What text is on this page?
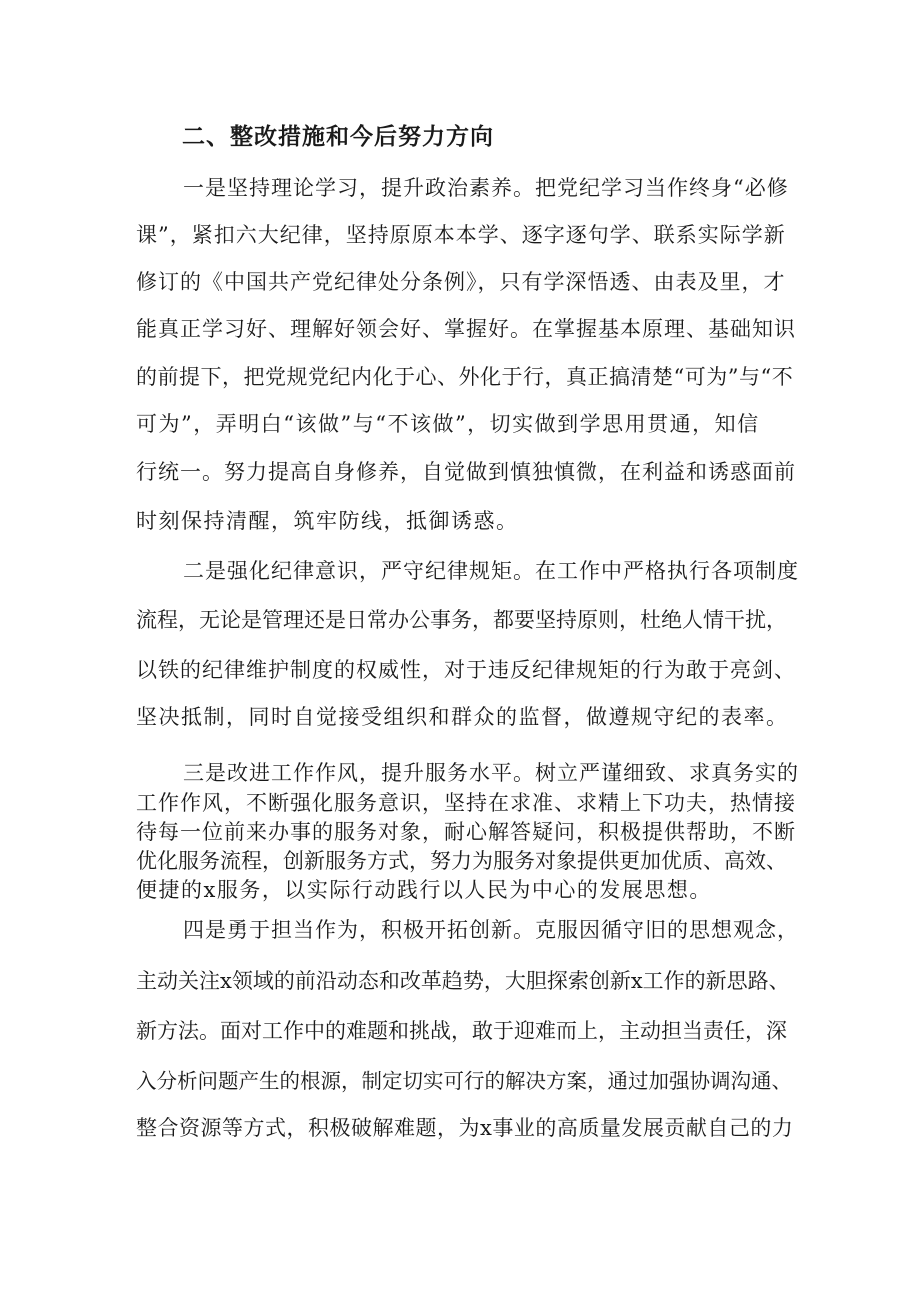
二、整改措施和今后努力方向
一是坚持理论学习，提升政治素养。把党纪学习当作终身“必修
课”，紧扣六大纪律，坚持原原本本学、逐字逐句学、联系实际学新
修订的《中国共产党纪律处分条例》，只有学深悟透、由表及里，才
能真正学习好、理解好领会好、掌握好。在掌握基本原理、基础知识
的前提下，把党规党纪内化于心、外化于行，真正搞清楚“可为”与“不
可为”，弄明白“该做”与“不该做”，切实做到学思用贯通，知信
行统一。努力提高自身修养，自觉做到慎独慎微，在利益和诱惑面前
时刻保持清醒，筑牢防线，抵御诱惑。
二是强化纪律意识，严守纪律规矩。在工作中严格执行各项制度
流程，无论是管理还是日常办公事务，都要坚持原则，杜绝人情干扰，
以铁的纪律维护制度的权威性，对于违反纪律规矩的行为敢于亮剑、
坚决抵制，同时自觉接受组织和群众的监督，做遵规守纪的表率。
三是改进工作作风，提升服务水平。树立严谨细致、求真务实的
工作作风，不断强化服务意识，坚持在求准、求精上下功夫，热情接
待每一位前来办事的服务对象，耐心解答疑问，积极提供帮助，不断
优化服务流程，创新服务方式，努力为服务对象提供更加优质、高效、
便捷的x服务，以实际行动践行以人民为中心的发展思想。
四是勇于担当作为，积极开拓创新。克服因循守旧的思想观念，
主动关注x领域的前沿动态和改革趋势，大胆探索创新x工作的新思路、
新方法。面对工作中的难题和挑战，敢于迎难而上，主动担当责任，深
入分析问题产生的根源，制定切实可行的解决方案，通过加强协调沟通、
整合资源等方式，积极破解难题，为x事业的高质量发展贡献自己的力
